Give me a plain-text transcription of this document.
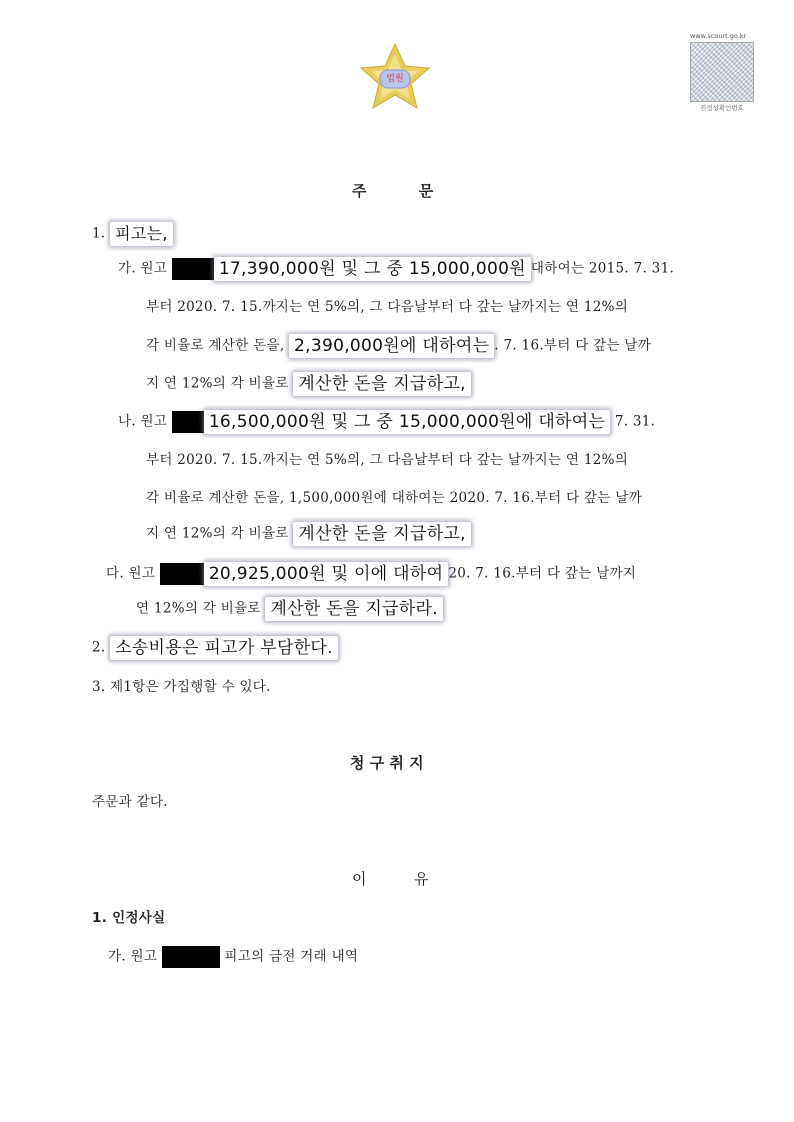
법원
www.scourt.go.kr
진정성확인번호
주          문
1. 피고는,
가. 원고	17,390,000원 및 그 중 15,000,000원 대하여는 2015. 7. 31.
부터 2020. 7. 15.까지는 연 5%의, 그 다음날부터 다 갚는 날까지는 연 12%의
각 비율로 계산한 돈을, 2,390,000원에 대하여는 . 7. 16.부터 다 갚는 날까
지 연 12%의 각 비율로 계산한 돈을 지급하고,
나. 원고 16,500,000원 및 그 중 15,000,000원에 대하여는 7. 31.
부터 2020. 7. 15.까지는 연 5%의, 그 다음날부터 다 갚는 날까지는 연 12%의
각 비율로 계산한 돈을, 1,500,000원에 대하여는 2020. 7. 16.부터 다 갚는 날까
지 연 12%의 각 비율로 계산한 돈을 지급하고,
다. 원고	20,925,000원 및 이에 대하여 20. 7. 16.부터 다 갚는 날까지
연 12%의 각 비율로 계산한 돈을 지급하라.
2. 소송비용은 피고가 부담한다.
3. 제1항은 가집행할 수 있다.
청 구 취 지
주문과 같다.
이          유
1. 인정사실
가. 원고	피고의 금전 거래 내역
